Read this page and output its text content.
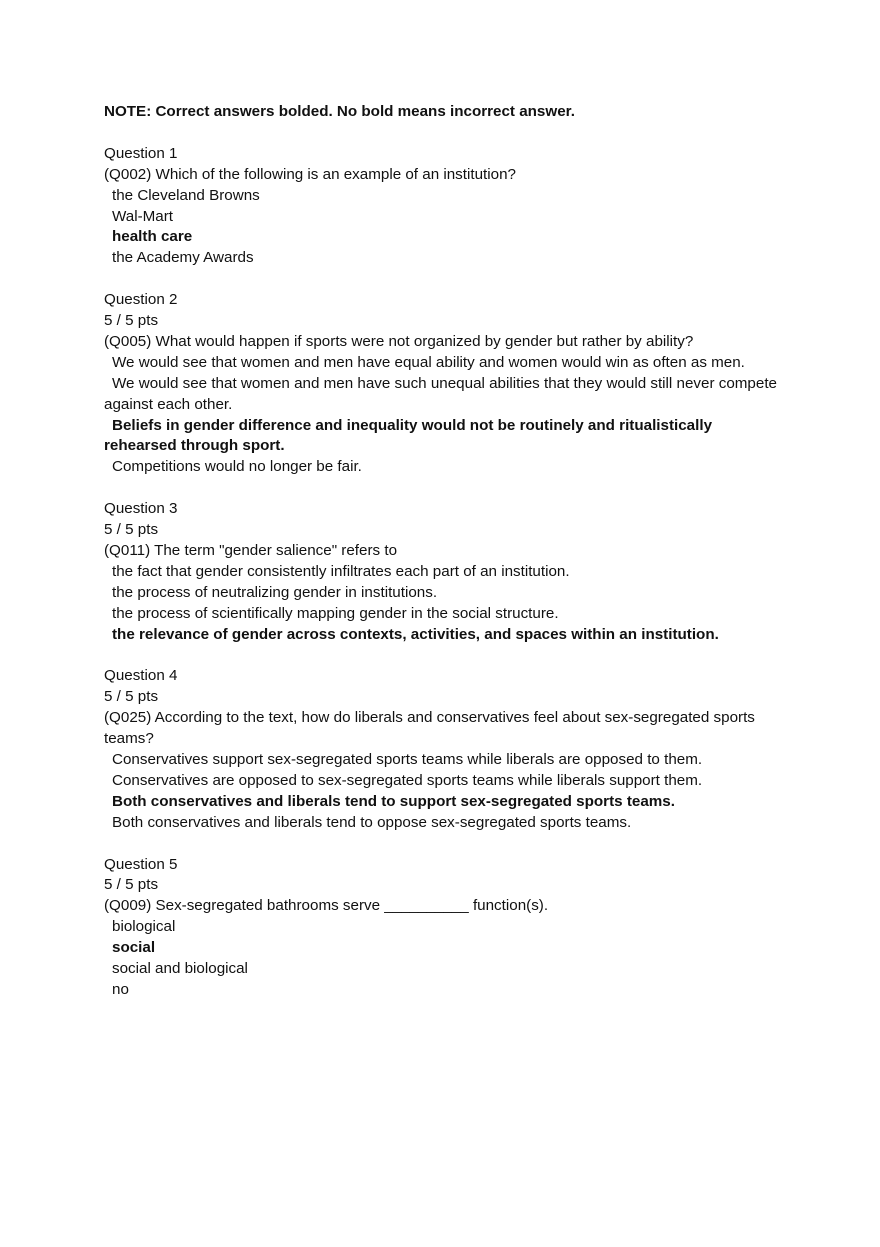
NOTE: Correct answers bolded. No bold means incorrect answer.
Question 1
(Q002) Which of the following is an example of an institution?
the Cleveland Browns
Wal-Mart
health care
the Academy Awards
Question 2
5 / 5 pts
(Q005) What would happen if sports were not organized by gender but rather by ability?
We would see that women and men have equal ability and women would win as often as men.
We would see that women and men have such unequal abilities that they would still never compete against each other.
Beliefs in gender difference and inequality would not be routinely and ritualistically rehearsed through sport.
Competitions would no longer be fair.
Question 3
5 / 5 pts
(Q011) The term "gender salience" refers to
the fact that gender consistently infiltrates each part of an institution.
the process of neutralizing gender in institutions.
the process of scientifically mapping gender in the social structure.
the relevance of gender across contexts, activities, and spaces within an institution.
Question 4
5 / 5 pts
(Q025) According to the text, how do liberals and conservatives feel about sex-segregated sports teams?
Conservatives support sex-segregated sports teams while liberals are opposed to them.
Conservatives are opposed to sex-segregated sports teams while liberals support them.
Both conservatives and liberals tend to support sex-segregated sports teams.
Both conservatives and liberals tend to oppose sex-segregated sports teams.
Question 5
5 / 5 pts
(Q009) Sex-segregated bathrooms serve __________ function(s).
biological
social
social and biological
no
